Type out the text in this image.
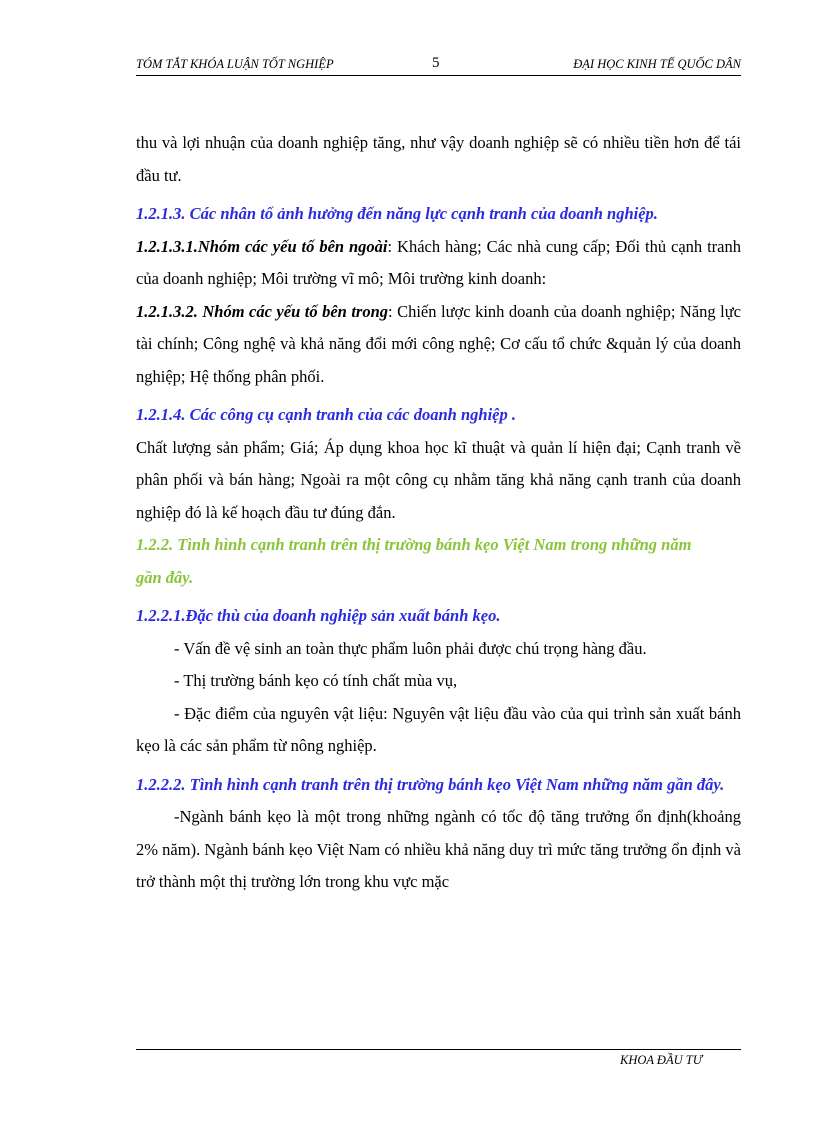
TÓM TẮT KHÓA LUẬN TỐT NGHIỆP	5	ĐẠI HỌC KINH TẾ QUỐC DÂN

thu và lợi nhuận của doanh nghiệp tăng, như vậy doanh nghiệp sẽ có nhiều tiền hơn để tái đầu tư.

1.2.1.3. Các nhân tố ảnh hưởng đến năng lực cạnh tranh của doanh nghiệp.

1.2.1.3.1.Nhóm các yếu tố bên ngoài: Khách hàng; Các nhà cung cấp; Đối thủ cạnh tranh của doanh nghiệp; Môi trường vĩ mô; Môi trường kinh doanh:

1.2.1.3.2. Nhóm các yếu tố bên trong: Chiến lược kinh doanh của doanh nghiệp; Năng lực tài chính; Công nghệ và khả năng đổi mới công nghệ; Cơ cấu tổ chức &quản lý của doanh nghiệp; Hệ thống phân phối.

1.2.1.4. Các công cụ cạnh tranh của các doanh nghiệp .

Chất lượng sản phẩm; Giá; Áp dụng khoa học kĩ thuật và quản lí hiện đại; Cạnh tranh về phân phối và bán hàng; Ngoài ra một công cụ nhằm tăng khả năng cạnh tranh của doanh nghiệp đó là kế hoạch đầu tư đúng đắn.

1.2.2. Tình hình cạnh tranh trên thị trường bánh kẹo Việt Nam trong những năm gần đây.

1.2.2.1.Đặc thù của doanh nghiệp sản xuất bánh kẹo.

- Vấn đề vệ sinh an toàn thực phẩm luôn phải được chú trọng hàng đầu.

- Thị trường bánh kẹo có tính chất mùa vụ,

- Đặc điểm của nguyên vật liệu: Nguyên vật liệu đầu vào của qui trình sản xuất bánh kẹo là các sản phẩm từ nông nghiệp.

1.2.2.2. Tình hình cạnh tranh trên thị trường bánh kẹo Việt Nam những năm gần đây.

-Ngành bánh kẹo là một trong những ngành có tốc độ tăng trưởng ổn định(khoảng 2% năm). Ngành bánh kẹo Việt Nam có nhiều khả năng duy trì mức tăng trưởng ổn định và trở thành một thị trường lớn trong khu vực mặc

KHOA ĐẦU TƯ
